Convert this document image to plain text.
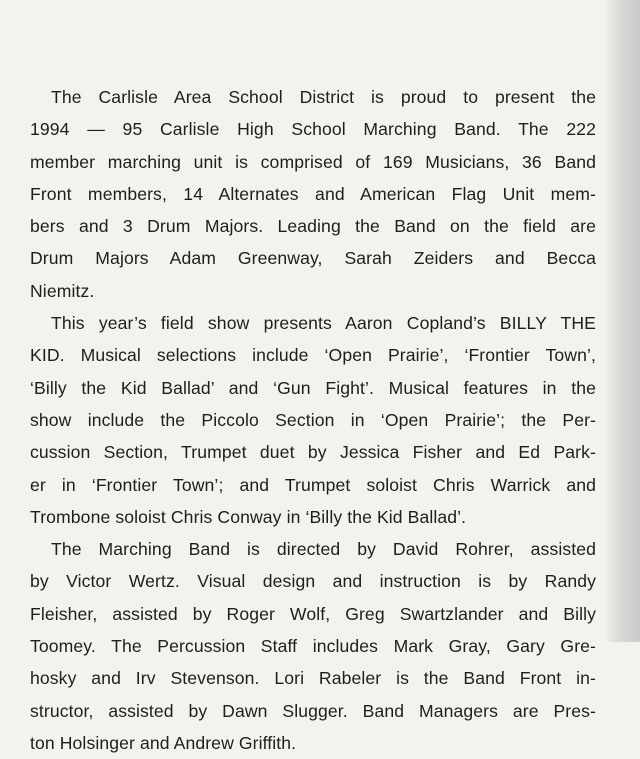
The Carlisle Area School District is proud to present the
1994 — 95 Carlisle High School Marching Band. The 222
member marching unit is comprised of 169 Musicians, 36 Band
Front members, 14 Alternates and American Flag Unit mem-
bers and 3 Drum Majors. Leading the Band on the field are
Drum Majors Adam Greenway, Sarah Zeiders and Becca
Niemitz.
This year’s field show presents Aaron Copland’s BILLY THE
KID. Musical selections include ‘Open Prairie’, ‘Frontier Town’,
‘Billy the Kid Ballad’ and ‘Gun Fight’. Musical features in the
show include the Piccolo Section in ‘Open Prairie’; the Per-
cussion Section, Trumpet duet by Jessica Fisher and Ed Park-
er in ‘Frontier Town’; and Trumpet soloist Chris Warrick and
Trombone soloist Chris Conway in ‘Billy the Kid Ballad’.
The Marching Band is directed by David Rohrer, assisted
by Victor Wertz. Visual design and instruction is by Randy
Fleisher, assisted by Roger Wolf, Greg Swartzlander and Billy
Toomey. The Percussion Staff includes Mark Gray, Gary Gre-
hosky and Irv Stevenson. Lori Rabeler is the Band Front in-
structor, assisted by Dawn Slugger. Band Managers are Pres-
ton Holsinger and Andrew Griffith.
